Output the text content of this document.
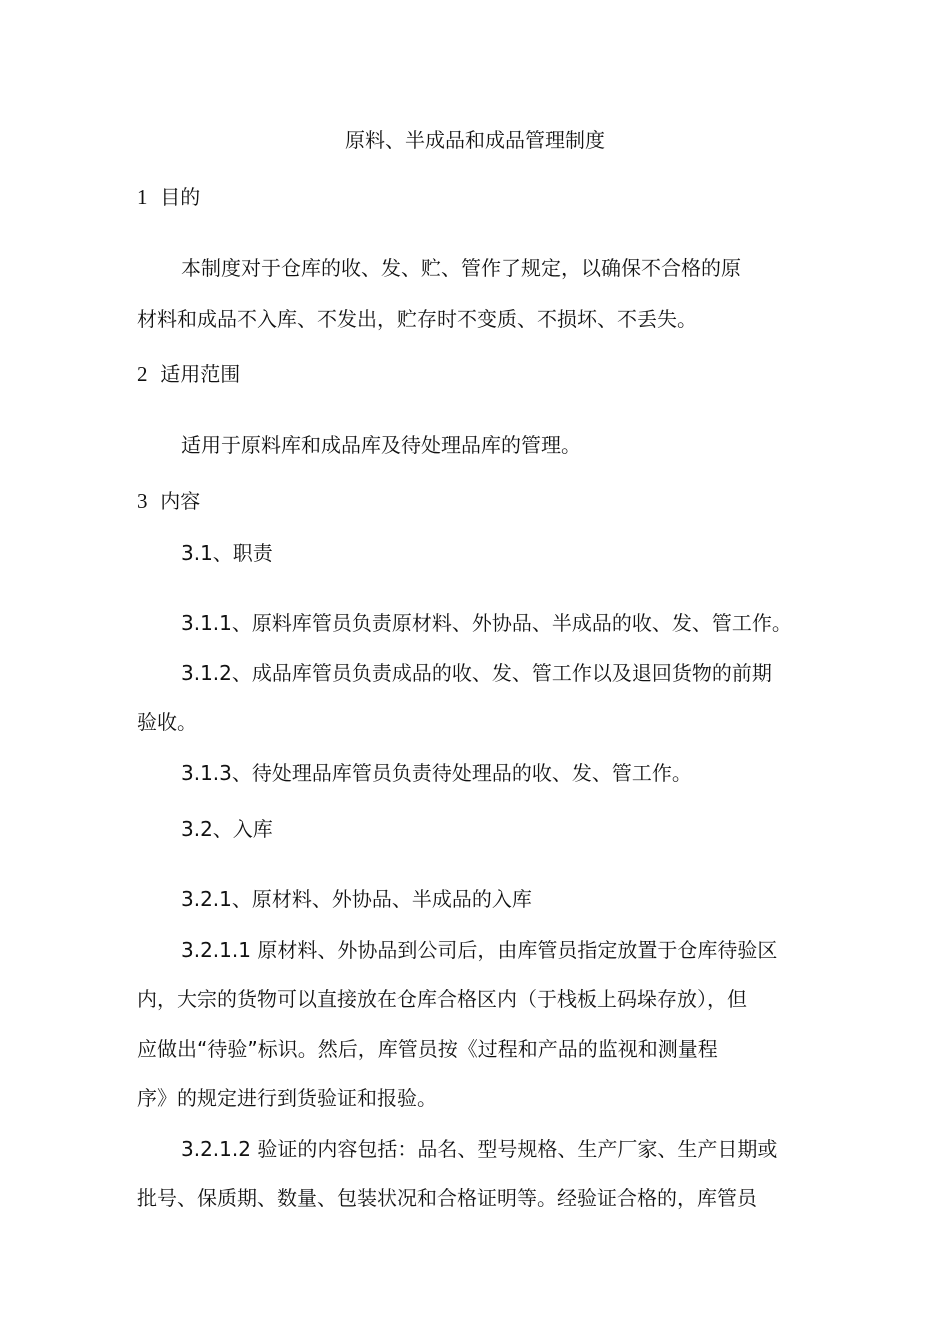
原料、半成品和成品管理制度
1 目的
本制度对于仓库的收、发、贮、管作了规定，以确保不合格的原
材料和成品不入库、不发出，贮存时不变质、不损坏、不丢失。
2 适用范围
适用于原料库和成品库及待处理品库的管理。
3 内容
3.1、职责
3.1.1、原料库管员负责原材料、外协品、半成品的收、发、管工作。
3.1.2、成品库管员负责成品的收、发、管工作以及退回货物的前期
验收。
3.1.3、待处理品库管员负责待处理品的收、发、管工作。
3.2、入库
3.2.1、原材料、外协品、半成品的入库
3.2.1.1 原材料、外协品到公司后，由库管员指定放置于仓库待验区
内，大宗的货物可以直接放在仓库合格区内（于栈板上码垛存放），但
应做出“待验”标识。然后，库管员按《过程和产品的监视和测量程
序》的规定进行到货验证和报验。
3.2.1.2 验证的内容包括：品名、型号规格、生产厂家、生产日期或
批号、保质期、数量、包装状况和合格证明等。经验证合格的，库管员
